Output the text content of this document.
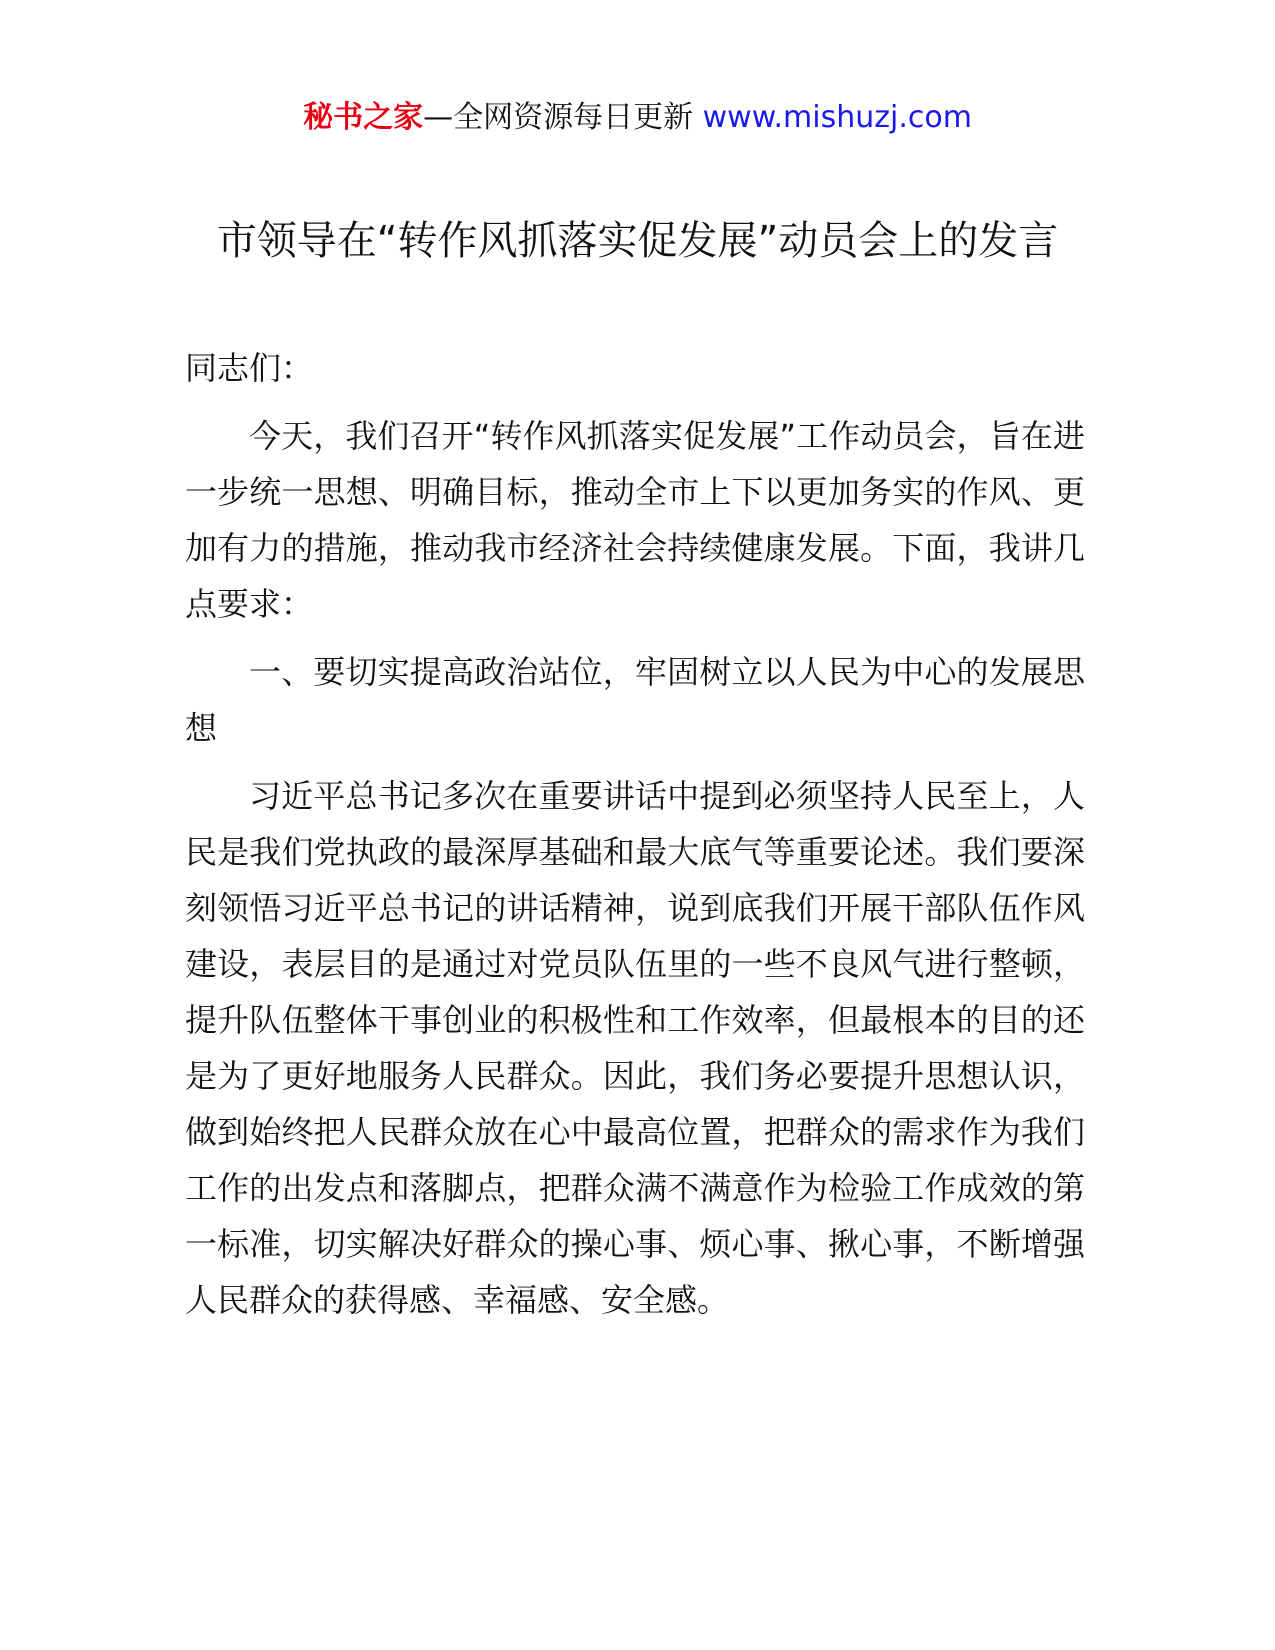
秘书之家—全网资源每日更新 www.mishuzj.com
市领导在“转作风抓落实促发展”动员会上的发言

同志们：

今天，我们召开“转作风抓落实促发展”工作动员会，旨在进一步统一思想、明确目标，推动全市上下以更加务实的作风、更加有力的措施，推动我市经济社会持续健康发展。下面，我讲几点要求：

一、要切实提高政治站位，牢固树立以人民为中心的发展思想

习近平总书记多次在重要讲话中提到必须坚持人民至上，人民是我们党执政的最深厚基础和最大底气等重要论述。我们要深刻领悟习近平总书记的讲话精神，说到底我们开展干部队伍作风建设，表层目的是通过对党员队伍里的一些不良风气进行整顿，提升队伍整体干事创业的积极性和工作效率，但最根本的目的还是为了更好地服务人民群众。因此，我们务必要提升思想认识，做到始终把人民群众放在心中最高位置，把群众的需求作为我们工作的出发点和落脚点，把群众满不满意作为检验工作成效的第一标准，切实解决好群众的操心事、烦心事、揪心事，不断增强人民群众的获得感、幸福感、安全感。
